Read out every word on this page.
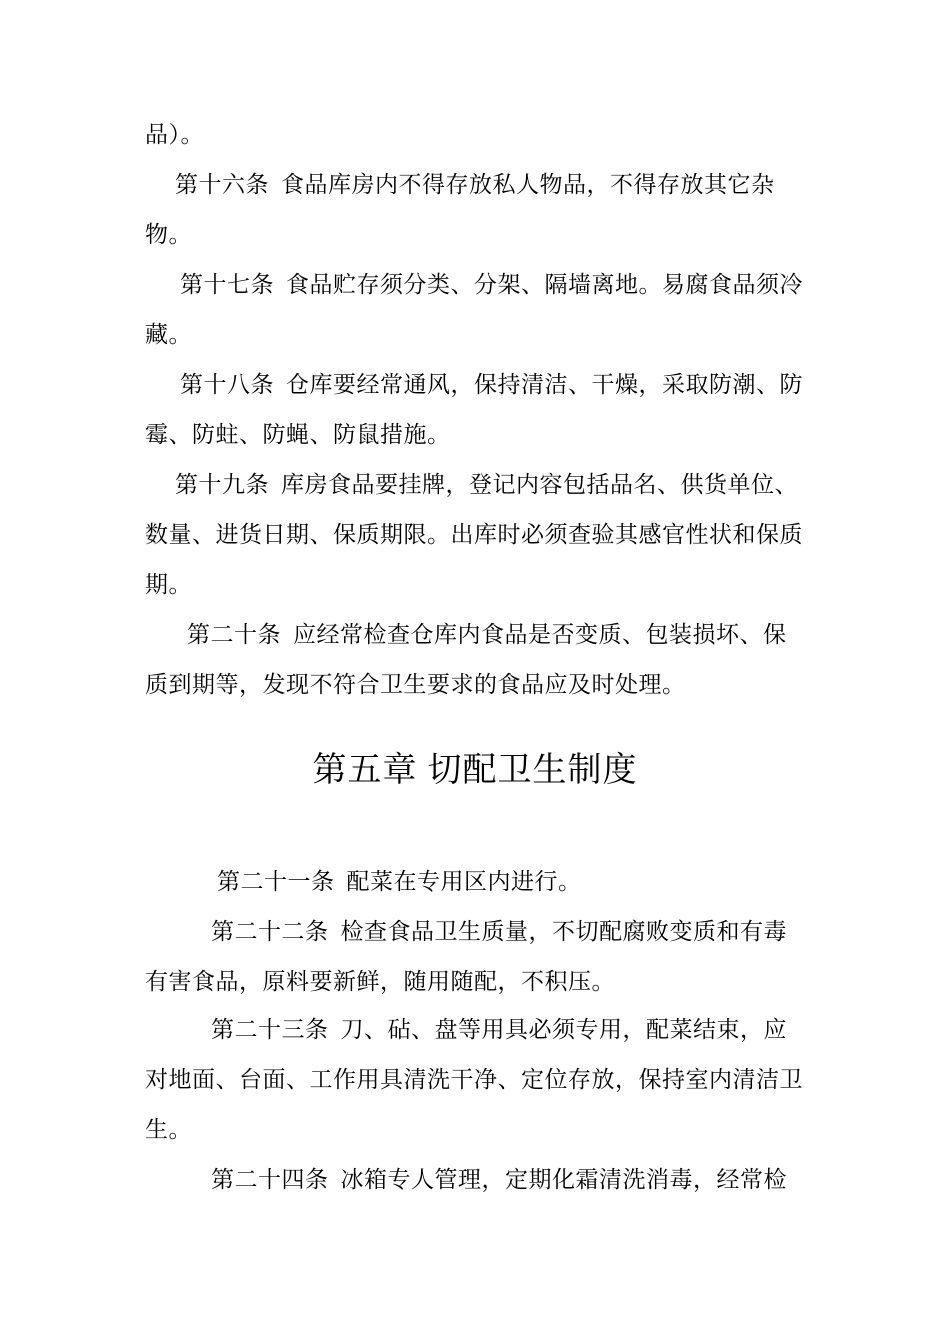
品）。

第十六条 食品库房内不得存放私人物品，不得存放其它杂
物。

第十七条 食品贮存须分类、分架、隔墙离地。易腐食品须冷
藏。

第十八条 仓库要经常通风，保持清洁、干燥，采取防潮、防
霉、防蛀、防蝇、防鼠措施。

第十九条 库房食品要挂牌，登记内容包括品名、供货单位、
数量、进货日期、保质期限。出库时必须查验其感官性状和保质
期。

第二十条 应经常检查仓库内食品是否变质、包装损坏、保
质到期等，发现不符合卫生要求的食品应及时处理。

第五章 切配卫生制度

第二十一条 配菜在专用区内进行。

第二十二条 检查食品卫生质量，不切配腐败变质和有毒
有害食品，原料要新鲜，随用随配，不积压。

第二十三条 刀、砧、盘等用具必须专用，配菜结束，应
对地面、台面、工作用具清洗干净、定位存放，保持室内清洁卫
生。

第二十四条 冰箱专人管理，定期化霜清洗消毒，经常检
